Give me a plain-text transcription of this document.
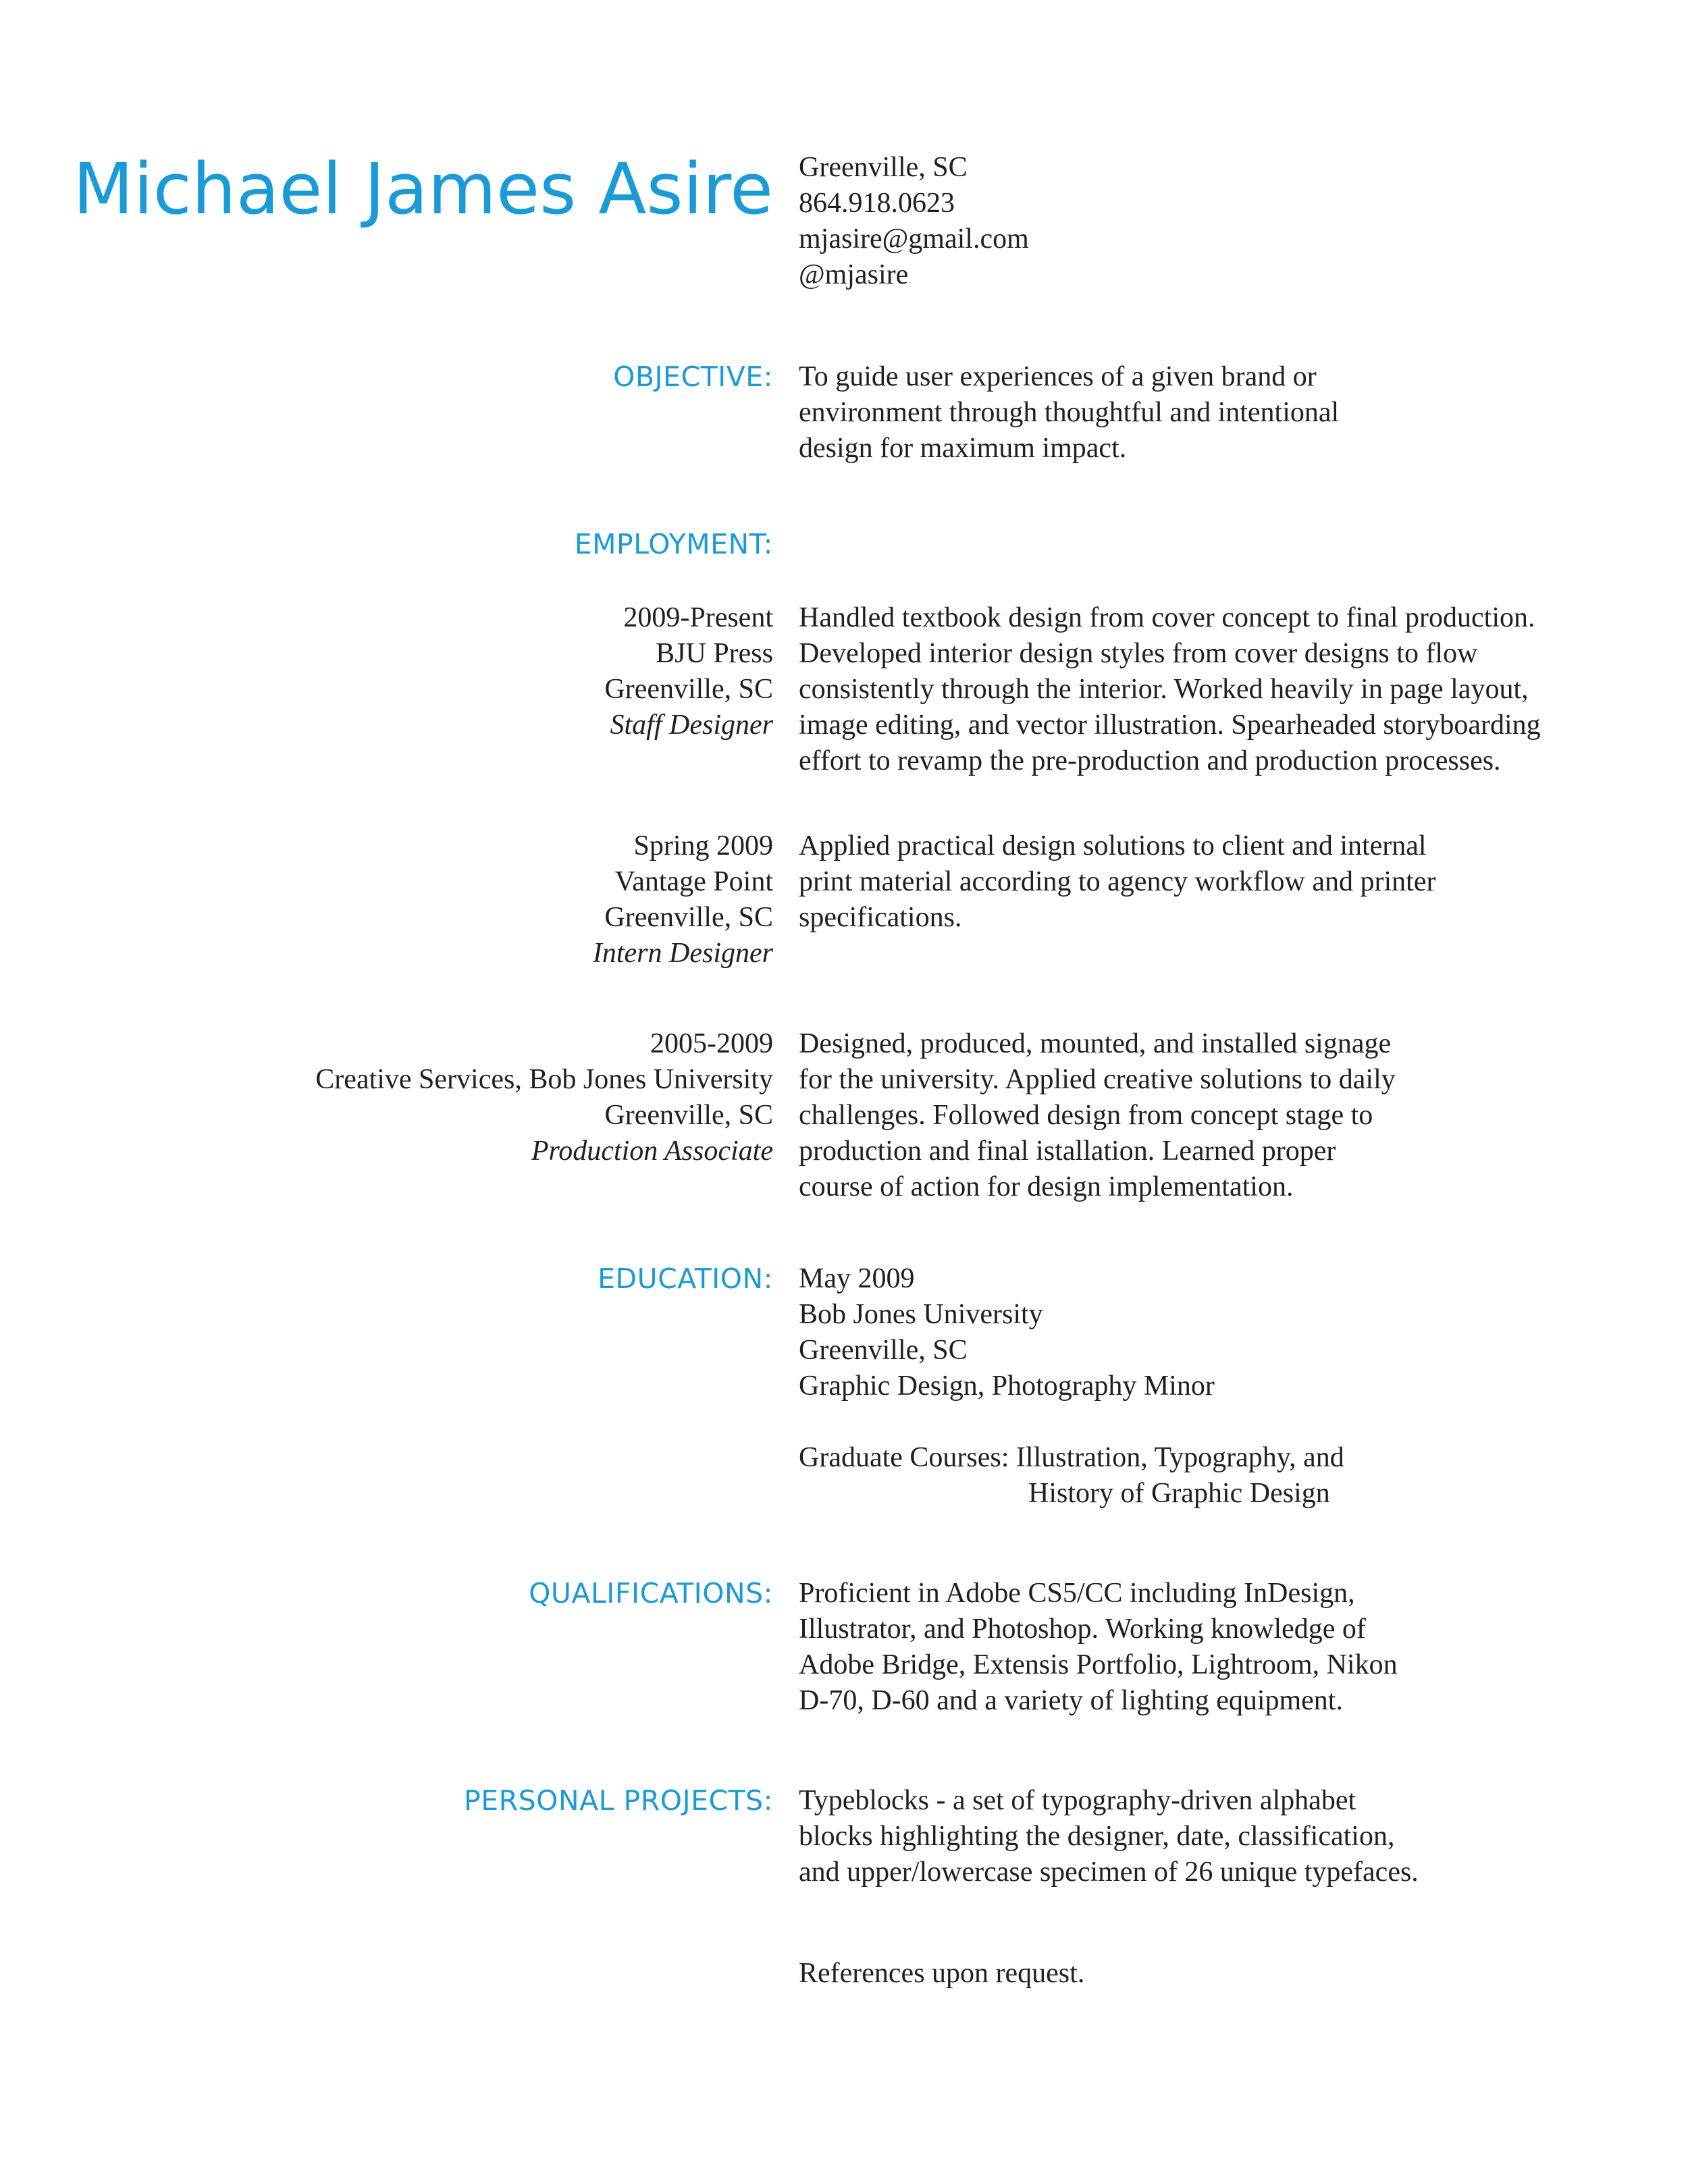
Michael James Asire Greenville, SC
864.918.0623
mjasire@gmail.com
@mjasire
OBJECTIVE: To guide user experiences of a given brand or
environment through thoughtful and intentional
design for maximum impact.
EMPLOYMENT:
2009-Present
BJU Press
Greenville, SC
Staff Designer
Handled textbook design from cover concept to final production.
Developed interior design styles from cover designs to flow
consistently through the interior. Worked heavily in page layout,
image editing, and vector illustration. Spearheaded storyboarding
effort to revamp the pre-production and production processes.
Spring 2009
Vantage Point
Greenville, SC
Intern Designer
Applied practical design solutions to client and internal
print material according to agency workflow and printer
specifications.
2005-2009
Creative Services, Bob Jones University
Greenville, SC
Production Associate
Designed, produced, mounted, and installed signage
for the university. Applied creative solutions to daily
challenges. Followed design from concept stage to
production and final istallation. Learned proper
course of action for design implementation.
EDUCATION: May 2009
Bob Jones University
Greenville, SC
Graphic Design, Photography Minor
Graduate Courses: Illustration, Typography, and
History of Graphic Design
QUALIFICATIONS: Proficient in Adobe CS5/CC including InDesign,
Illustrator, and Photoshop. Working knowledge of
Adobe Bridge, Extensis Portfolio, Lightroom, Nikon
D-70, D-60 and a variety of lighting equipment.
PERSONAL PROJECTS: Typeblocks - a set of typography-driven alphabet
blocks highlighting the designer, date, classification,
and upper/lowercase specimen of 26 unique typefaces.
References upon request.
